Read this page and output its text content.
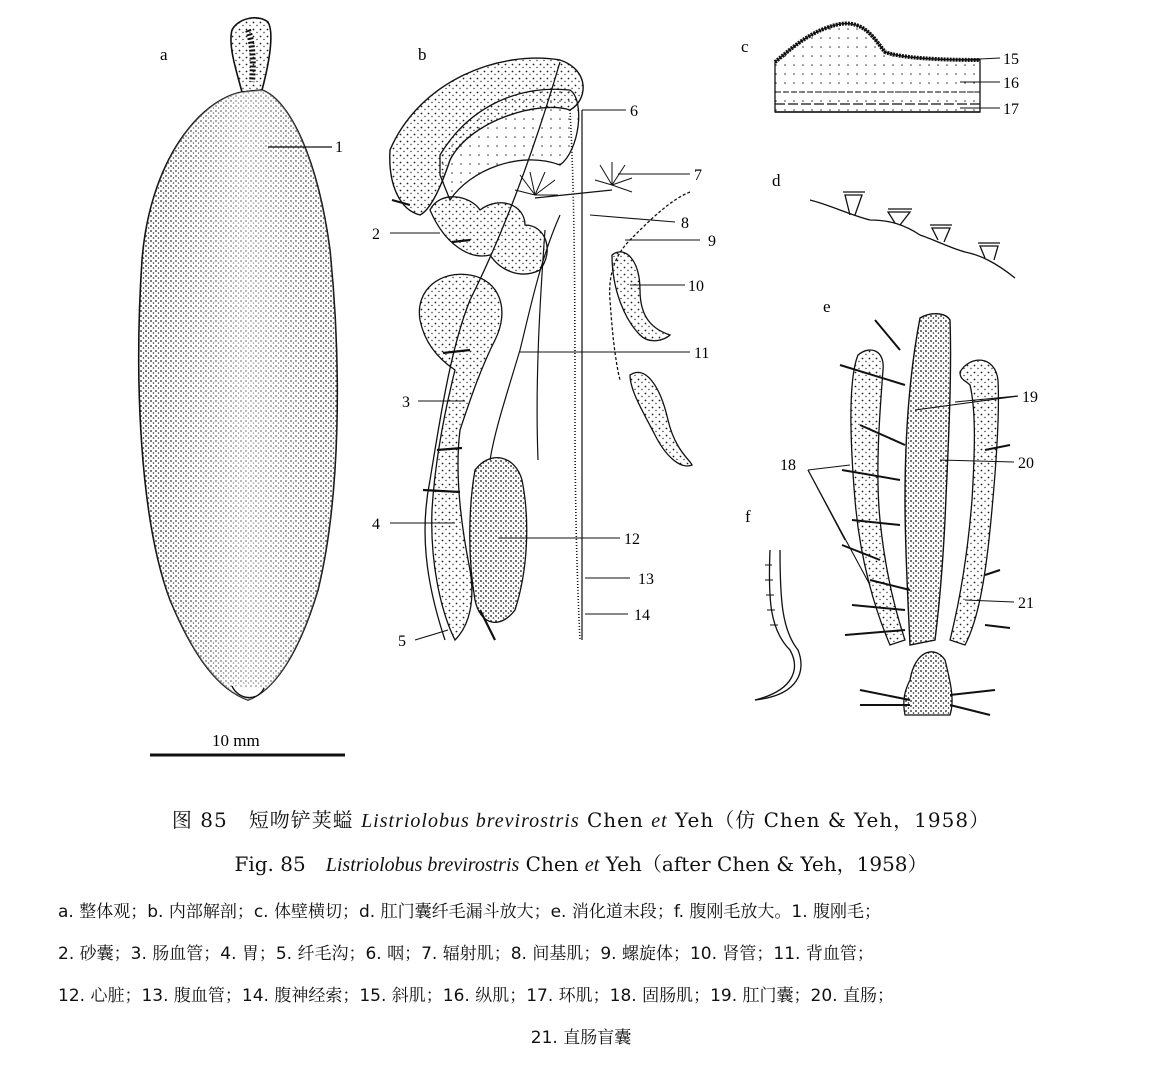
a
1
10 mm
b
2
3
4
5
6
7
8
9
10
11
12
13
14
c
15
16
17
d
e
18
19
20
21
f
图 85　短吻铲荚螠 Listriolobus brevirostris Chen et Yeh（仿 Chen & Yeh，1958）
Fig. 85　Listriolobus brevirostris Chen et Yeh（after Chen & Yeh，1958）
a. 整体观；b. 内部解剖；c. 体壁横切；d. 肛门囊纤毛漏斗放大；e. 消化道末段；f. 腹刚毛放大。1. 腹刚毛；
2. 砂囊；3. 肠血管；4. 胃；5. 纤毛沟；6. 咽；7. 辐射肌；8. 间基肌；9. 螺旋体；10. 肾管；11. 背血管；
12. 心脏；13. 腹血管；14. 腹神经索；15. 斜肌；16. 纵肌；17. 环肌；18. 固肠肌；19. 肛门囊；20. 直肠；
21. 直肠盲囊
